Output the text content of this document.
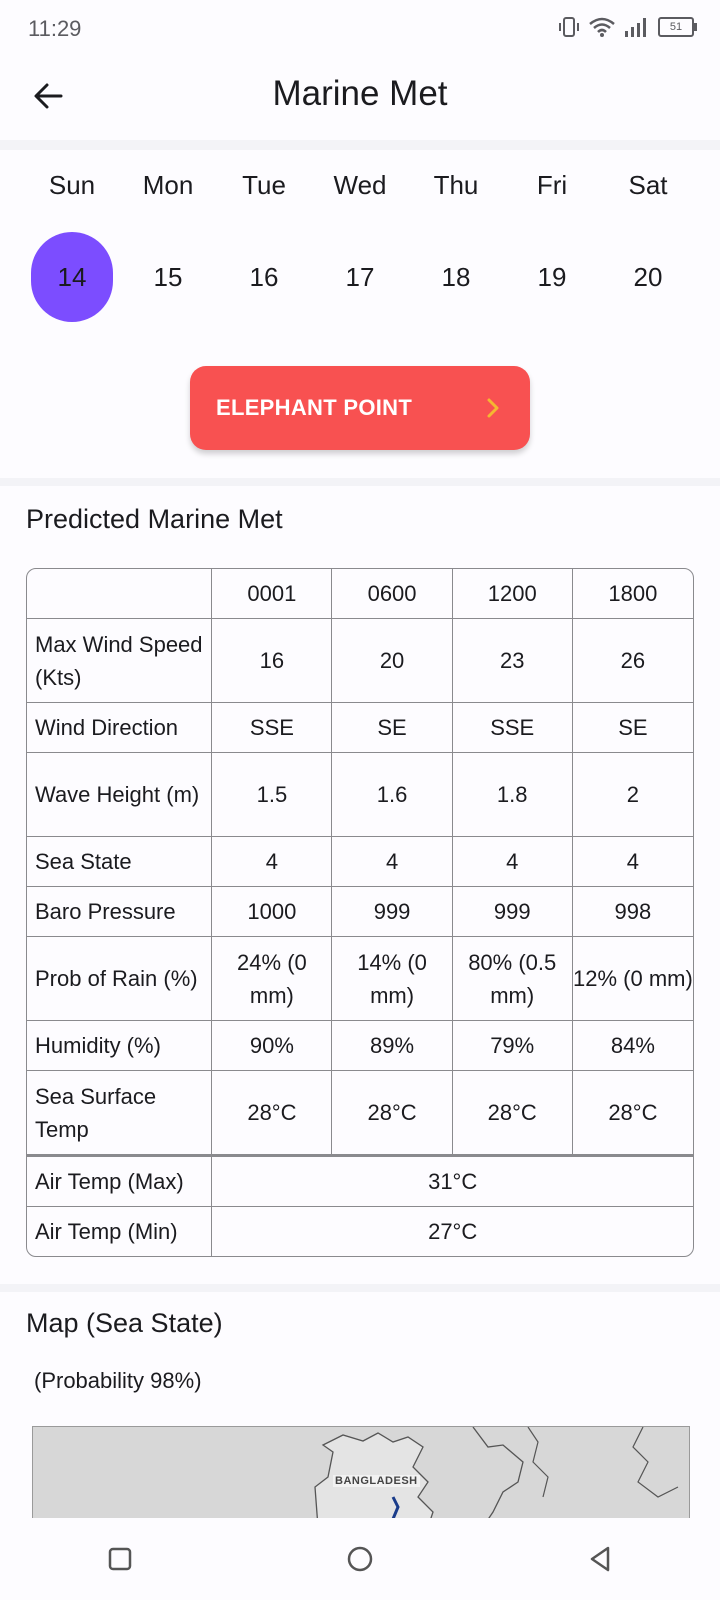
11:29	51
Marine Met
Sun	Mon	Tue	Wed	Thu	Fri	Sat
14	15	16	17	18	19	20
ELEPHANT POINT
Predicted Marine Met
	0001	0600	1200	1800
Max Wind Speed (Kts)	16	20	23	26
Wind Direction	SSE	SE	SSE	SE
Wave Height (m)	1.5	1.6	1.8	2
Sea State	4	4	4	4
Baro Pressure	1000	999	999	998
Prob of Rain (%)	24% (0 mm)	14% (0 mm)	80% (0.5 mm)	12% (0 mm)
Humidity (%)	90%	89%	79%	84%
Sea Surface Temp	28°C	28°C	28°C	28°C
Air Temp (Max)	31°C			
Air Temp (Min)	27°C			
Map (Sea State)
(Probability 98%)
BANGLADESH
